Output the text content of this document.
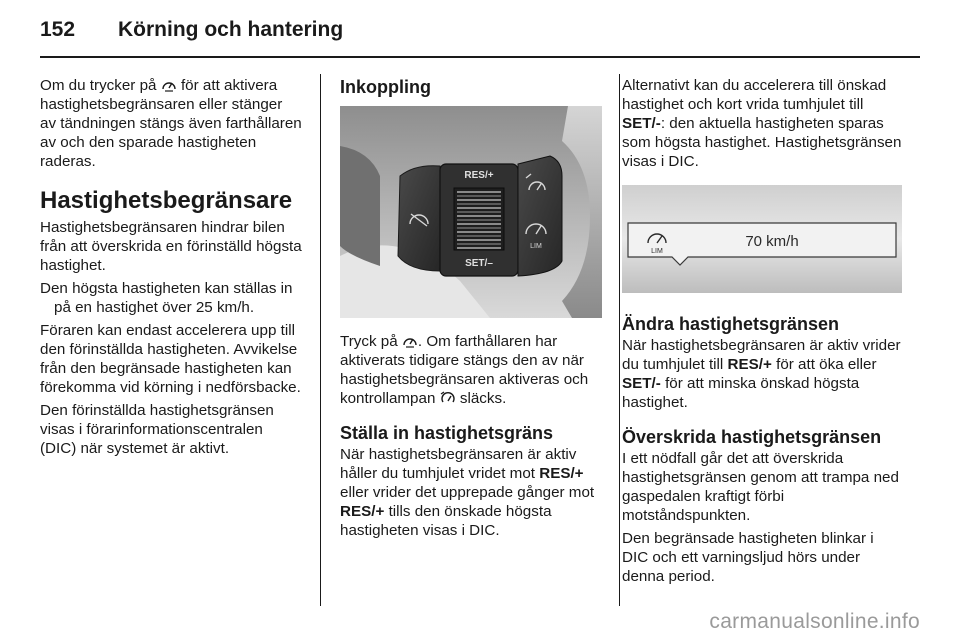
152 Körning och hantering

Om du trycker på för att aktivera hastighetsbegränsaren eller stänger av tändningen stängs även farthållaren av och den sparade hastigheten raderas.

Hastighetsbegränsare

Hastighetsbegränsaren hindrar bilen från att överskrida en förinställd högsta hastighet.

Den högsta hastigheten kan ställas in på en hastighet över 25 km/h.

Föraren kan endast accelerera upp till den förinställda hastigheten. Avvikelse från den begränsade hastigheten kan förekomma vid körning i nedförsbacke.

Den förinställda hastighetsgränsen visas i förarinformationscentralen (DIC) när systemet är aktivt.

Inkoppling
RES/+
SET/–
LIM

Tryck på . Om farthållaren har aktiverats tidigare stängs den av när hastighetsbegränsaren aktiveras och kontrollampan släcks.

Ställa in hastighetsgräns

När hastighetsbegränsaren är aktiv håller du tumhjulet vridet mot RES/+ eller vrider det upprepade gånger mot RES/+ tills den önskade högsta hastigheten visas i DIC.

Alternativt kan du accelerera till önskad hastighet och kort vrida tumhjulet till SET/-: den aktuella hastigheten sparas som högsta hastighet. Hastighetsgränsen visas i DIC.

LIM
70 km/h
Ändra hastighetsgränsen

När hastighetsbegränsaren är aktiv vrider du tumhjulet till RES/+ för att öka eller SET/- för att minska önskad högsta hastighet.

Överskrida hastighetsgränsen

I ett nödfall går det att överskrida hastighetsgränsen genom att trampa ned gaspedalen kraftigt förbi motståndspunkten.

Den begränsade hastigheten blinkar i DIC och ett varningsljud hörs under denna period.

carmanualsonline.info
